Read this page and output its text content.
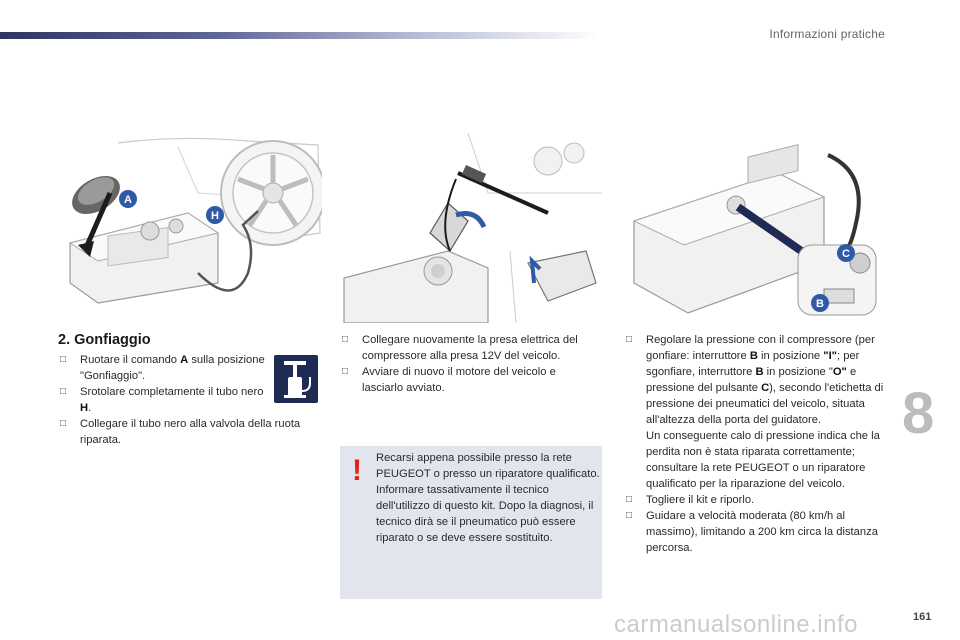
Informazioni pratiche
A
H
C
B
2. Gonfiaggio
□ Ruotare il comando A sulla posizione "Gonfiaggio".
□ Srotolare completamente il tubo nero H.
□ Collegare il tubo nero alla valvola della ruota riparata.
□ Collegare nuovamente la presa elettrica del compressore alla presa 12V del veicolo.
□ Avviare di nuovo il motore del veicolo e lasciarlo avviato.
! Recarsi appena possibile presso la rete PEUGEOT o presso un riparatore qualificato.
Informare tassativamente il tecnico dell'utilizzo di questo kit. Dopo la diagnosi, il tecnico dirà se il pneumatico può essere riparato o se deve essere sostituito.
□ Regolare la pressione con il compressore (per gonfiare: interruttore B in posizione "I"; per sgonfiare, interruttore B in posizione "O" e pressione del pulsante C), secondo l'etichetta di pressione dei pneumatici del veicolo, situata all'altezza della porta del guidatore.
Un conseguente calo di pressione indica che la perdita non è stata riparata correttamente; consultare la rete PEUGEOT o un riparatore qualificato per la riparazione del veicolo.
□ Togliere il kit e riporlo.
□ Guidare a velocità moderata (80 km/h al massimo), limitando a 200 km circa la distanza percorsa.
8
carmanualsonline.info	161
